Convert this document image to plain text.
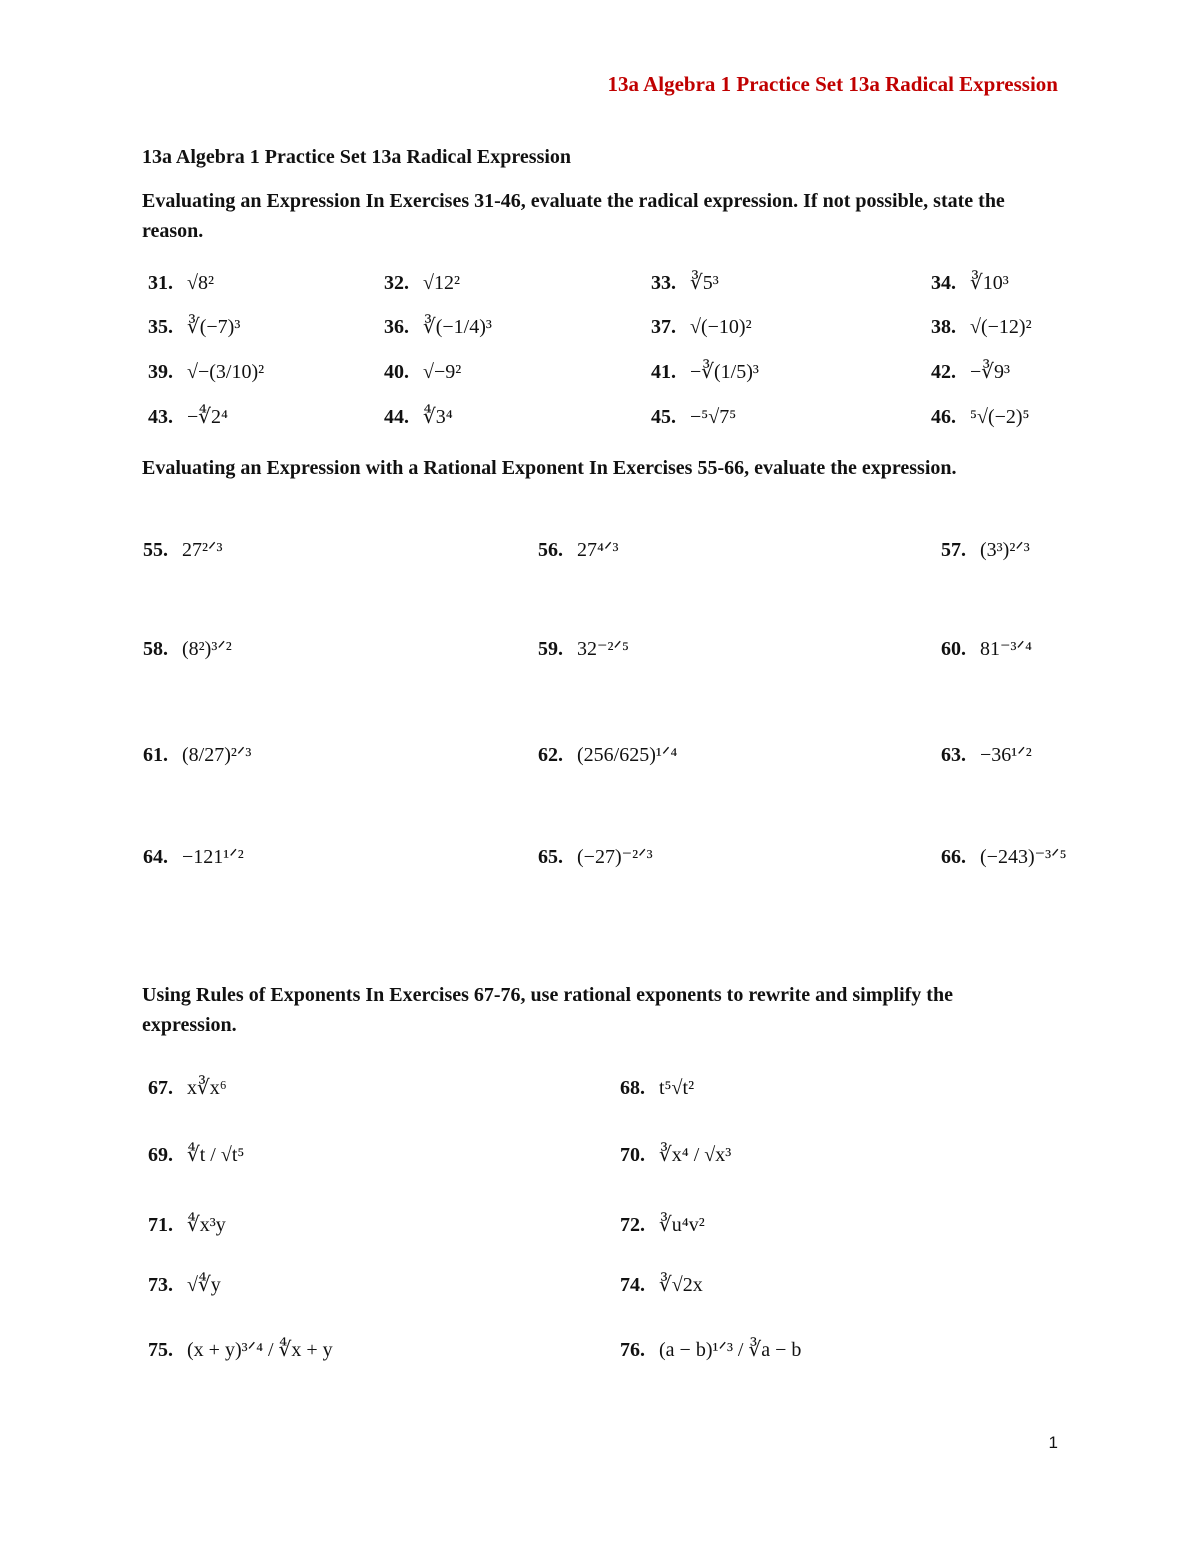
13a Algebra 1 Practice Set 13a Radical Expression
13a Algebra 1 Practice Set 13a Radical Expression
Evaluating an Expression In Exercises 31-46, evaluate the radical expression. If not possible, state the reason.
31. √8²	32. √12²	33. ∛5³	34. ∛10³
35. ∛(−7)³	36. ∛(−1/4)³	37. √(−10)²	38. √(−12)²
39. √−(3/10)²	40. √−9²	41. −∛(1/5)³	42. −∛9³
43. −∜2⁴	44. ∜3⁴	45. −⁵√7⁵	46. ⁵√(−2)⁵
Evaluating an Expression with a Rational Exponent In Exercises 55-66, evaluate the expression.
55. 27²ᐟ³	56. 27⁴ᐟ³	57. (3³)²ᐟ³
58. (8²)³ᐟ²	59. 32⁻²ᐟ⁵	60. 81⁻³ᐟ⁴
61. (8/27)²ᐟ³	62. (256/625)¹ᐟ⁴	63. −36¹ᐟ²
64. −121¹ᐟ²	65. (−27)⁻²ᐟ³	66. (−243)⁻³ᐟ⁵
Using Rules of Exponents In Exercises 67-76, use rational exponents to rewrite and simplify the expression.
67. x∛x⁶	68. t⁵√t²
69. ∜t / √t⁵	70. ∛x⁴ / √x³
71. ∜x³y	72. ∛u⁴v²
73. √∜y	74. ∛√2x
75. (x + y)³ᐟ⁴ / ∜x + y	76. (a − b)¹ᐟ³ / ∛a − b
1
